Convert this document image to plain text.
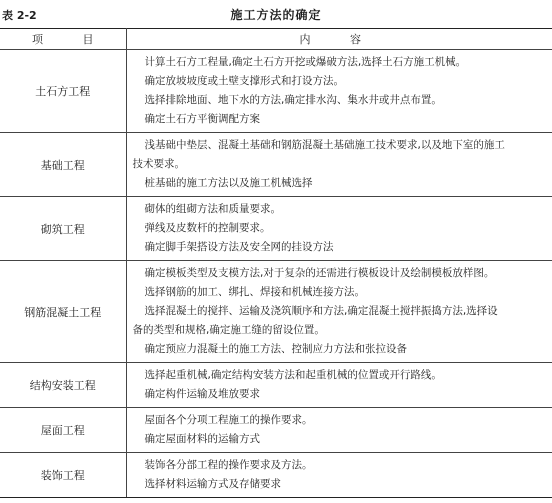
表 2-2	施工方法的确定
项 目	内 容
土石方工程	计算土石方工程量,确定土石方开挖或爆破方法,选择土石方施工机械。
确定放坡坡度或土壁支撑形式和打设方法。
选择排除地面、地下水的方法,确定排水沟、集水井或井点布置。
确定土石方平衡调配方案

基础工程	浅基础中垫层、混凝土基础和钢筋混凝土基础施工技术要求,以及地下室的施工
技术要求。
桩基础的施工方法以及施工机械选择

砌筑工程	砌体的组砌方法和质量要求。
弹线及皮数杆的控制要求。
确定脚手架搭设方法及安全网的挂设方法

钢筋混凝土工程	确定模板类型及支模方法,对于复杂的还需进行模板设计及绘制模板放样图。
选择钢筋的加工、绑扎、焊接和机械连接方法。
选择混凝土的搅拌、运输及浇筑顺序和方法,确定混凝土搅拌振捣方法,选择设
备的类型和规格,确定施工缝的留设位置。
确定预应力混凝土的施工方法、控制应力方法和张拉设备

结构安装工程	选择起重机械,确定结构安装方法和起重机械的位置或开行路线。
确定构件运输及堆放要求

屋面工程	屋面各个分项工程施工的操作要求。
确定屋面材料的运输方式

装饰工程	装饰各分部工程的操作要求及方法。
选择材料运输方式及存储要求
